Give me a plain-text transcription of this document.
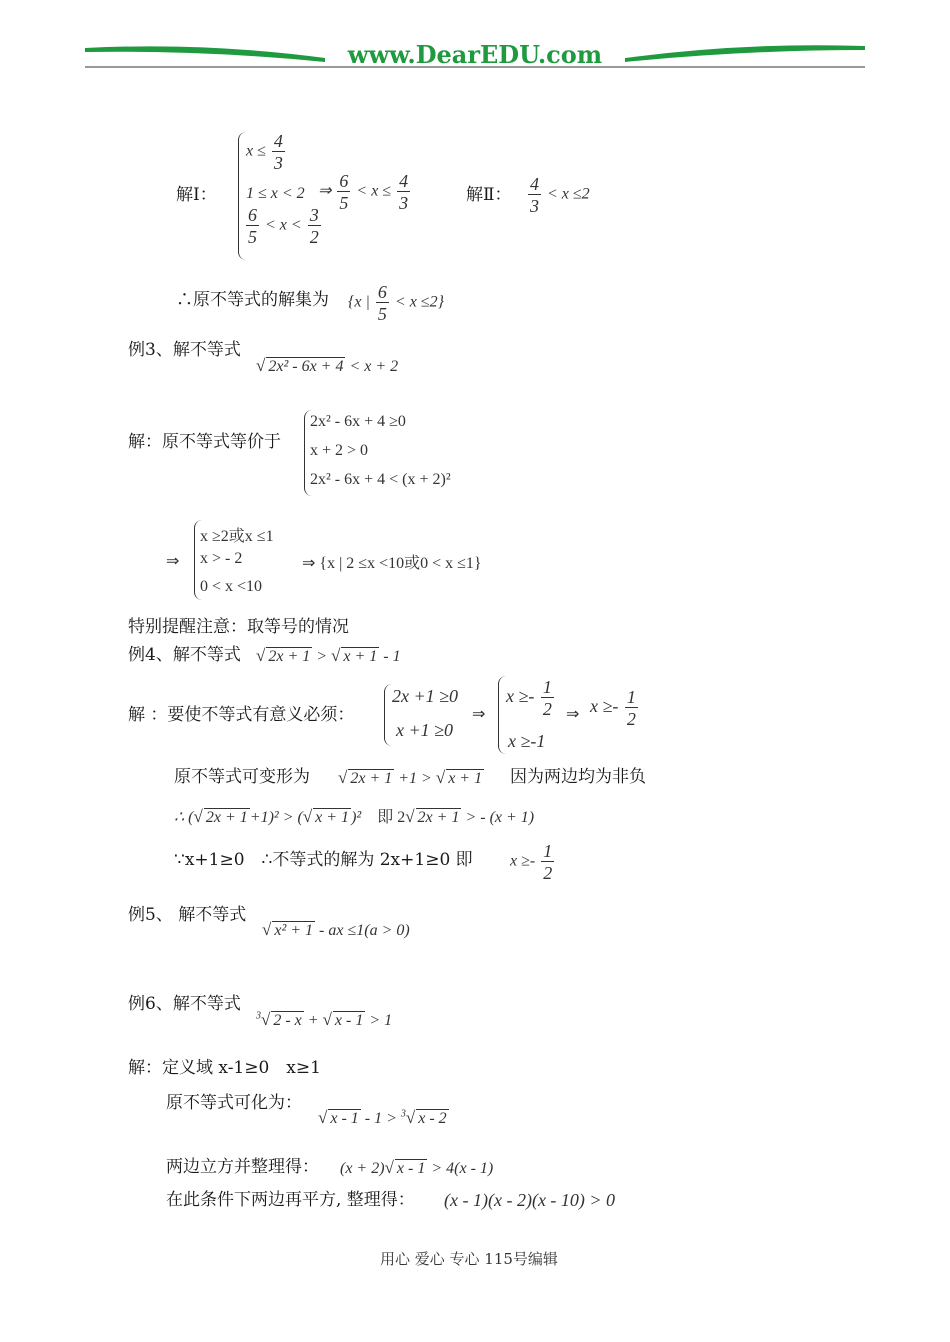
www.DearEDU.com
解Ⅰ：
$x \le \frac{4}{3}$
1 ≤ x < 2
$\frac{6}{5} < x < \frac{3}{2}$
⇒ $\frac{6}{5} < x \le \frac{4}{3}$	解Ⅱ： $\frac{4}{3} < x \le 2$
∴原不等式的解集为 {x | $\frac{6}{5} < x \le 2$}
例3、解不等式
√ 2x² - 6x + 4 < x + 2
解：原不等式等价于
2x² - 6x + 4 ≥0
x + 2 > 0
2x² - 6x + 4 < (x + 2)²
⇒
x ≥2或x ≤1
x > - 2
0 < x <10
⇒ {x | 2 ≤x <10或0 < x ≤1}
特别提醒注意：取等号的情况
例4、解不等式 √ 2x + 1 > √ x + 1 - 1
解 ：要使不等式有意义必须：
2x +1 ≥0
x +1 ≥0
⇒
$x \ge- \frac{1}{2}$
x ≥-1
⇒ $x \ge- \frac{1}{2}$
原不等式可变形为 √ 2x + 1 +1 > √ x + 1 因为两边均为非负
∴ (√ 2x + 1 +1)² > (√ x + 1 )² 即 2√ 2x + 1 > - (x + 1)
∵x+1≥0　∴不等式的解为 2x+1≥0 即 $x \ge- \frac{1}{2}$
例5、 解不等式
√ x² + 1 - ax ≤1(a > 0)
例6、解不等式
$^3$√ 2 - x + √ x - 1 > 1
解：定义域 x-1≥0　x≥1
原不等式可化为：
√ x - 1 - 1 > $^3$√ x - 2
两边立方并整理得： (x + 2)√ x - 1 > 4(x - 1)
在此条件下两边再平方, 整理得： (x - 1)(x - 2)(x - 10) > 0
用心 爱心 专心 115号编辑
